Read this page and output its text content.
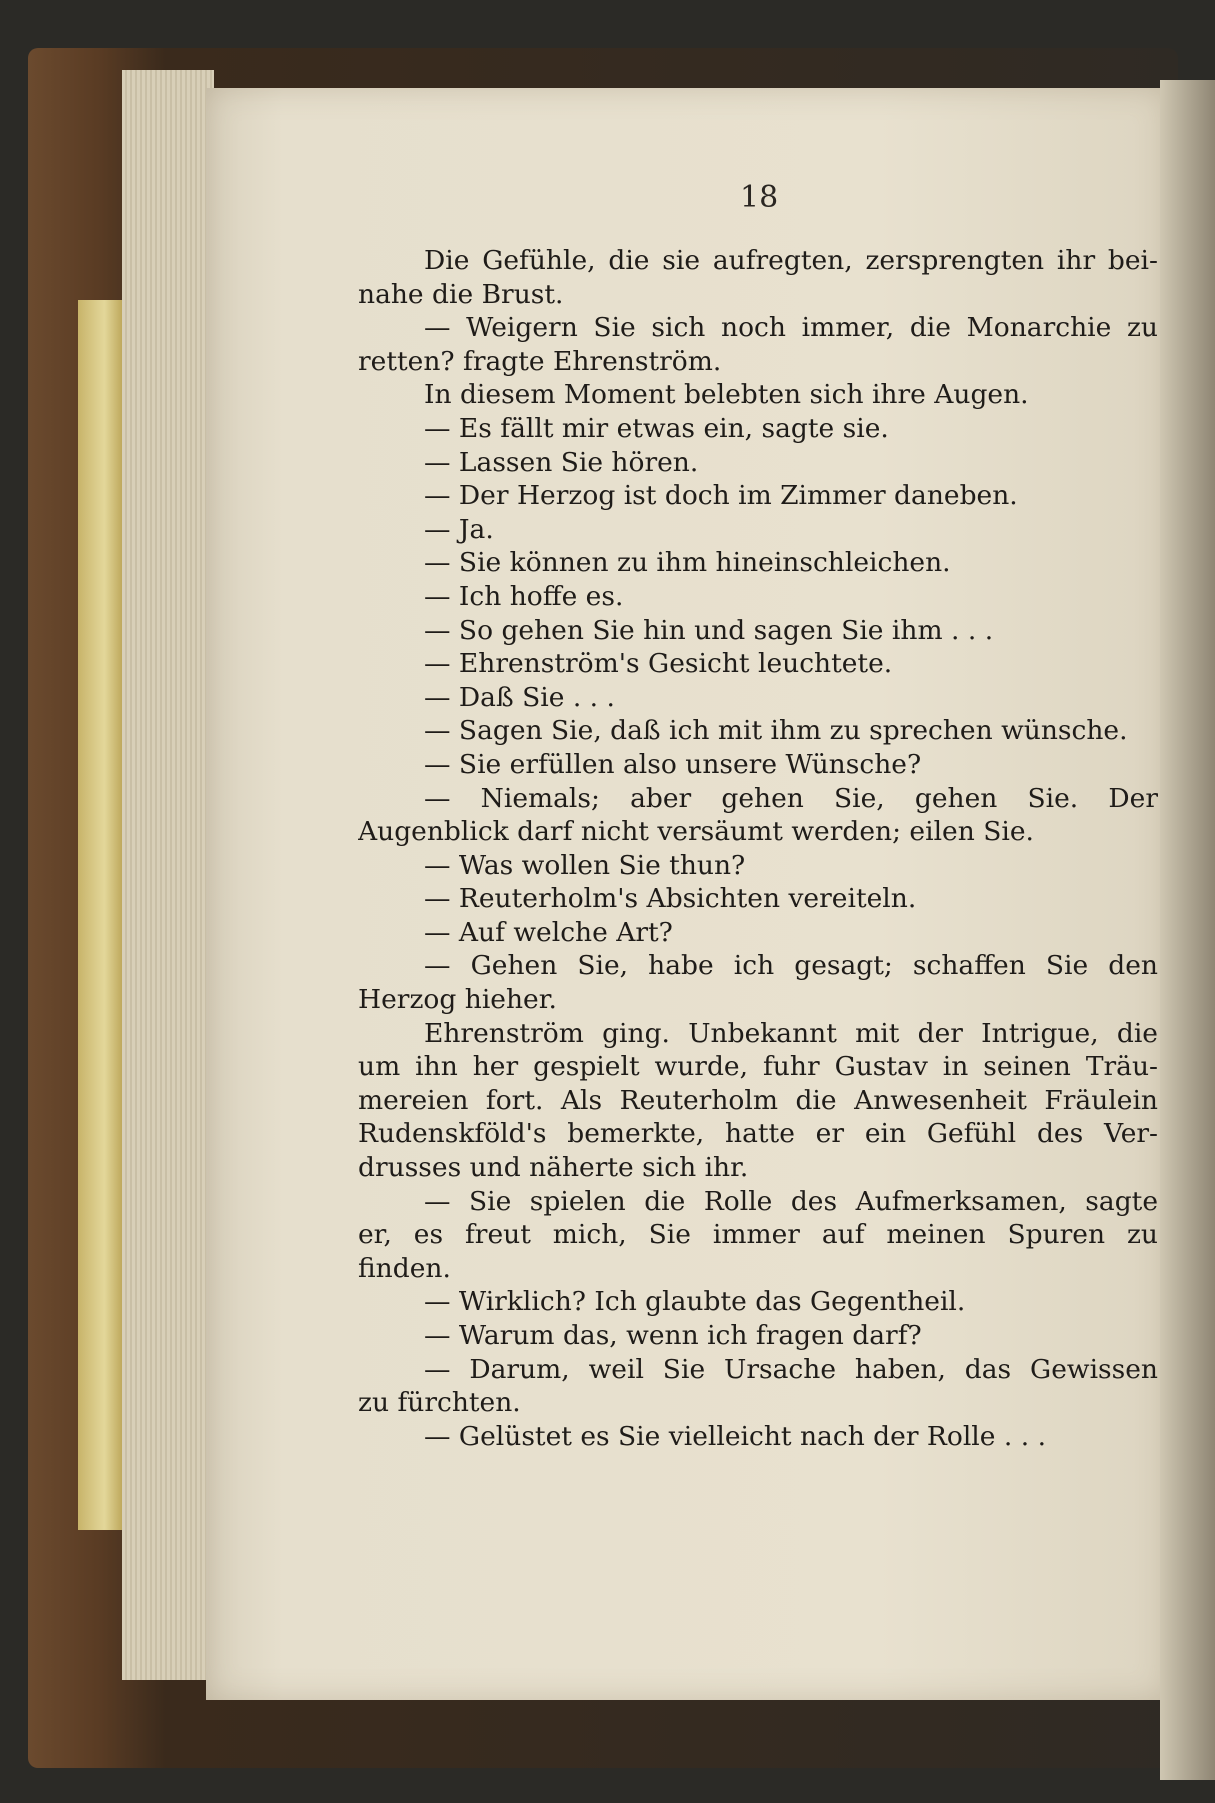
18
Die Gefühle, die sie aufregten, zersprengten ihr bei-
nahe die Brust.
— Weigern Sie sich noch immer, die Monarchie zu
retten? fragte Ehrenström.
In diesem Moment belebten sich ihre Augen.
— Es fällt mir etwas ein, sagte sie.
— Lassen Sie hören.
— Der Herzog ist doch im Zimmer daneben.
— Ja.
— Sie können zu ihm hineinschleichen.
— Ich hoffe es.
— So gehen Sie hin und sagen Sie ihm . . .
— Ehrenström's Gesicht leuchtete.
— Daß Sie . . .
— Sagen Sie, daß ich mit ihm zu sprechen wünsche.
— Sie erfüllen also unsere Wünsche?
— Niemals; aber gehen Sie, gehen Sie. Der
Augenblick darf nicht versäumt werden; eilen Sie.
— Was wollen Sie thun?
— Reuterholm's Absichten vereiteln.
— Auf welche Art?
— Gehen Sie, habe ich gesagt; schaffen Sie den
Herzog hieher.
Ehrenström ging. Unbekannt mit der Intrigue, die
um ihn her gespielt wurde, fuhr Gustav in seinen Träu-
mereien fort. Als Reuterholm die Anwesenheit Fräulein
Rudenskföld's bemerkte, hatte er ein Gefühl des Ver-
drusses und näherte sich ihr.
— Sie spielen die Rolle des Aufmerksamen, sagte
er, es freut mich, Sie immer auf meinen Spuren zu
finden.
— Wirklich? Ich glaubte das Gegentheil.
— Warum das, wenn ich fragen darf?
— Darum, weil Sie Ursache haben, das Gewissen
zu fürchten.
— Gelüstet es Sie vielleicht nach der Rolle . . .
